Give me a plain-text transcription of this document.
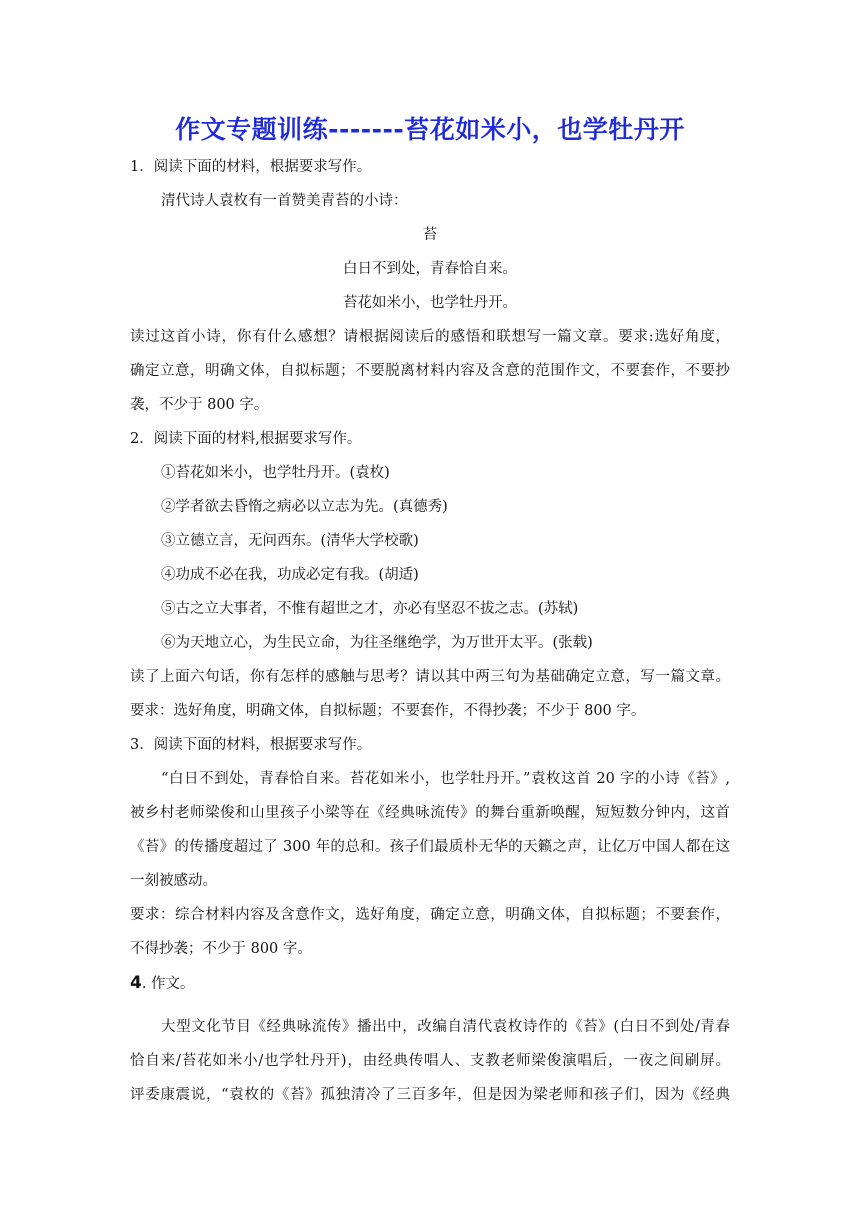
作文专题训练-------苔花如米小，也学牡丹开

1．阅读下面的材料，根据要求写作。

清代诗人袁枚有一首赞美青苔的小诗：

苔

白日不到处，青春恰自来。

苔花如米小，也学牡丹开。

读过这首小诗，你有什么感想？请根据阅读后的感悟和联想写一篇文章。要求:选好角度，

确定立意，明确文体，自拟标题；不要脱离材料内容及含意的范围作文，不要套作，不要抄

袭，不少于 800 字。

2．阅读下面的材料,根据要求写作。

①苔花如米小，也学牡丹开。(袁枚)

②学者欲去昏惰之病必以立志为先。(真德秀)

③立德立言，无问西东。(清华大学校歌)

④功成不必在我，功成必定有我。(胡适)

⑤古之立大事者，不惟有超世之才，亦必有坚忍不拔之志。(苏轼)

⑥为天地立心，为生民立命，为往圣继绝学，为万世开太平。(张载)

读了上面六句话，你有怎样的感触与思考？请以其中两三句为基础确定立意，写一篇文章。

要求：选好角度，明确文体，自拟标题；不要套作，不得抄袭；不少于 800 字。

3．阅读下面的材料，根据要求写作。

“白日不到处，青春恰自来。苔花如米小，也学牡丹开。”袁枚这首 20 字的小诗《苔》,

被乡村老师梁俊和山里孩子小梁等在《经典咏流传》的舞台重新唤醒，短短数分钟内，这首

《苔》的传播度超过了 300 年的总和。孩子们最质朴无华的天籁之声，让亿万中国人都在这

一刻被感动。

要求：综合材料内容及含意作文，选好角度，确定立意，明确文体，自拟标题；不要套作，

不得抄袭；不少于 800 字。

4. 作文。

大型文化节目《经典咏流传》播出中，改编自清代袁枚诗作的《苔》(白日不到处/青春

恰自来/苔花如米小/也学牡丹开)，由经典传唱人、支教老师梁俊演唱后，一夜之间刷屏。

评委康震说，“袁枚的《苔》孤独清冷了三百多年，但是因为梁老师和孩子们，因为《经典
